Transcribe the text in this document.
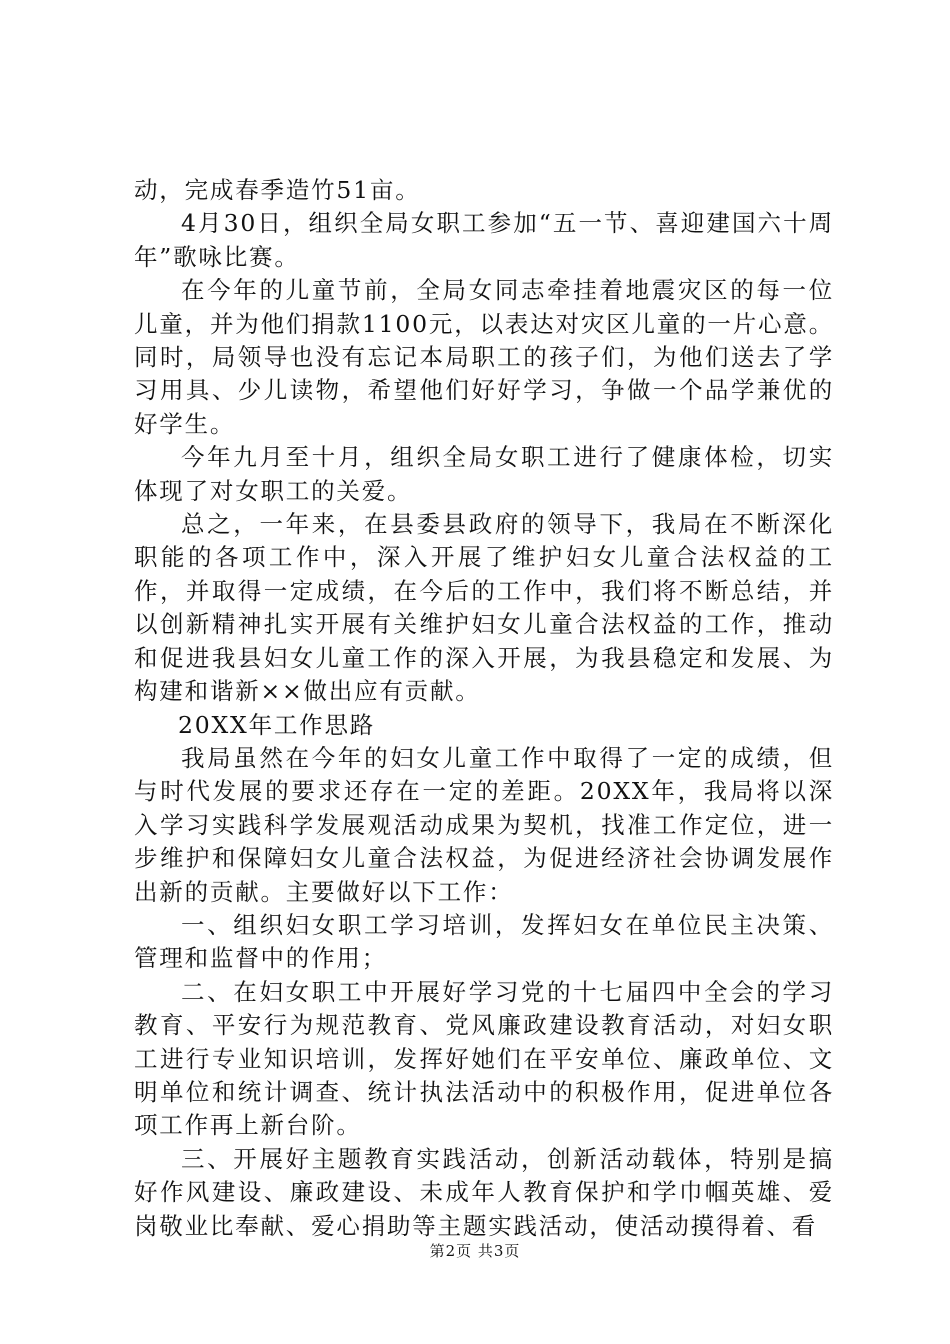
动，完成春季造竹51亩。

4月30日，组织全局女职工参加“五一节、喜迎建国六十周年”歌咏比赛。

在今年的儿童节前，全局女同志牵挂着地震灾区的每一位儿童，并为他们捐款1100元，以表达对灾区儿童的一片心意。同时，局领导也没有忘记本局职工的孩子们，为他们送去了学习用具、少儿读物，希望他们好好学习，争做一个品学兼优的好学生。

今年九月至十月，组织全局女职工进行了健康体检，切实体现了对女职工的关爱。

总之，一年来，在县委县政府的领导下，我局在不断深化职能的各项工作中，深入开展了维护妇女儿童合法权益的工作，并取得一定成绩，在今后的工作中，我们将不断总结，并以创新精神扎实开展有关维护妇女儿童合法权益的工作，推动和促进我县妇女儿童工作的深入开展，为我县稳定和发展、为构建和谐新××做出应有贡献。

20XX年工作思路

我局虽然在今年的妇女儿童工作中取得了一定的成绩，但与时代发展的要求还存在一定的差距。20XX年，我局将以深入学习实践科学发展观活动成果为契机，找准工作定位，进一步维护和保障妇女儿童合法权益，为促进经济社会协调发展作出新的贡献。主要做好以下工作：

一、组织妇女职工学习培训，发挥妇女在单位民主决策、管理和监督中的作用；

二、在妇女职工中开展好学习党的十七届四中全会的学习教育、平安行为规范教育、党风廉政建设教育活动，对妇女职工进行专业知识培训，发挥好她们在平安单位、廉政单位、文明单位和统计调查、统计执法活动中的积极作用，促进单位各项工作再上新台阶。

三、开展好主题教育实践活动，创新活动载体，特别是搞好作风建设、廉政建设、未成年人教育保护和学巾帼英雄、爱岗敬业比奉献、爱心捐助等主题实践活动，使活动摸得着、看

第2页 共3页
